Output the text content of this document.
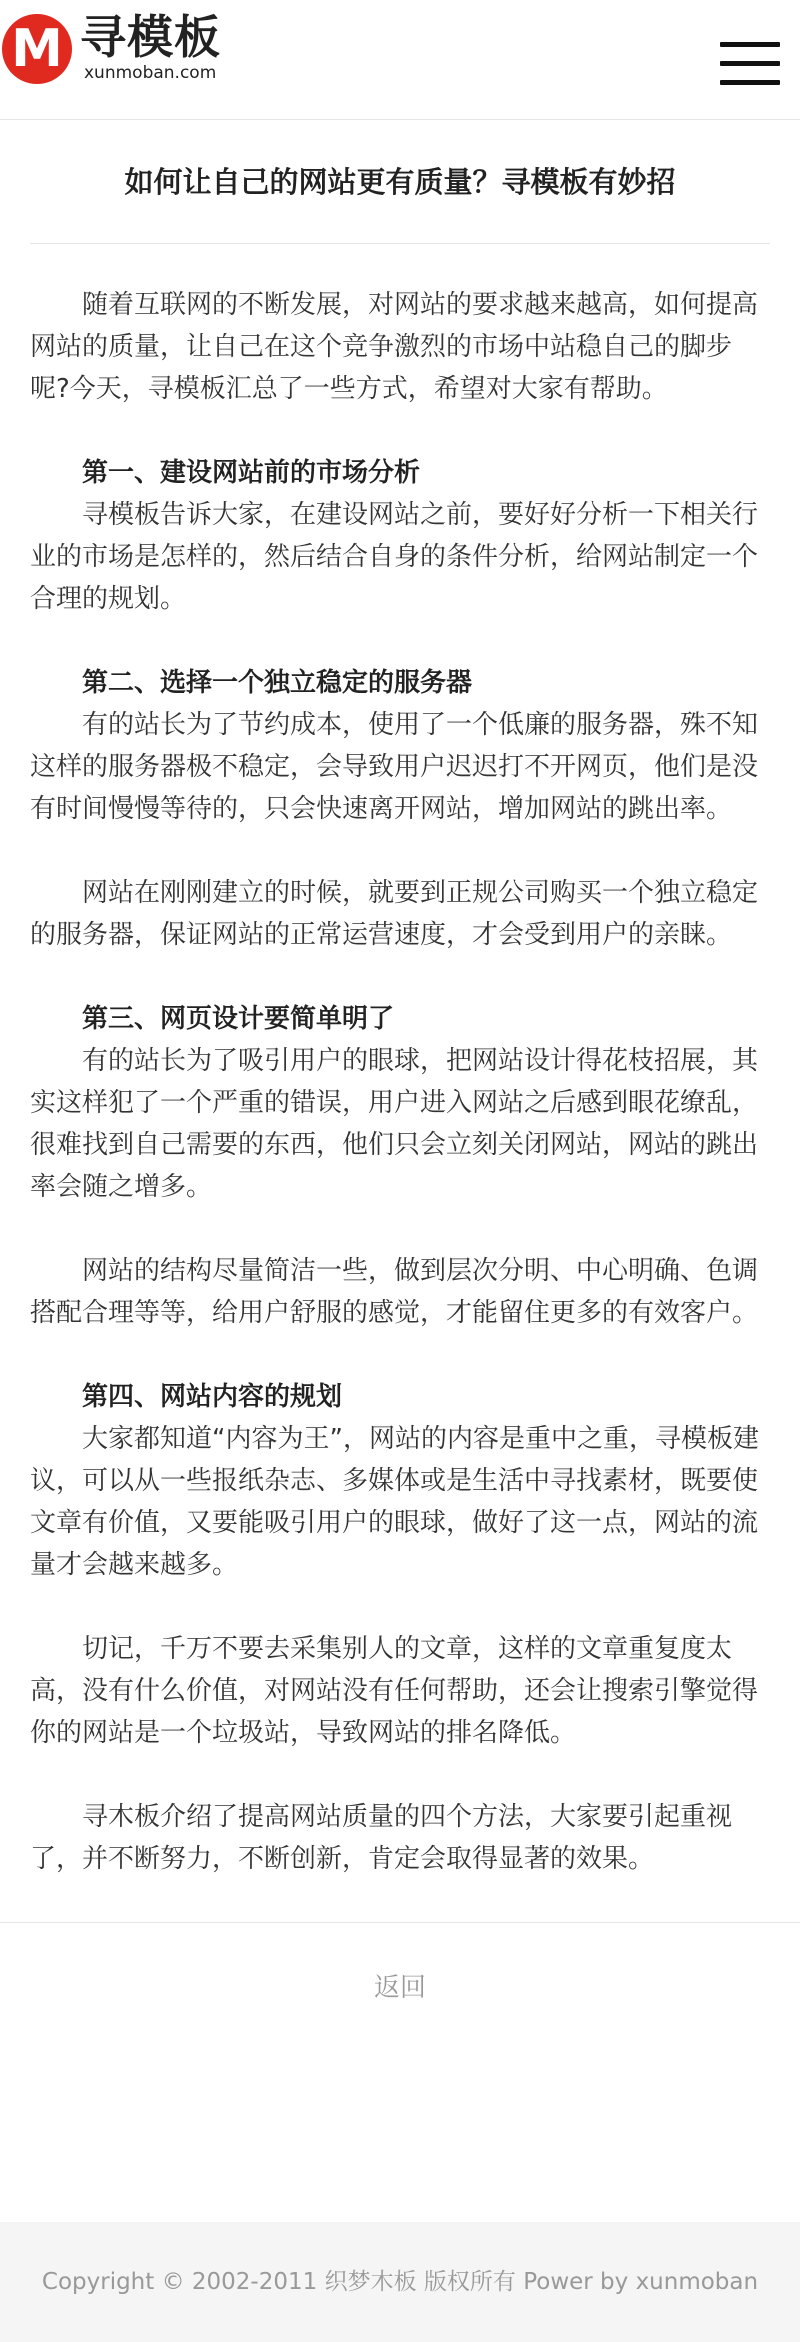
M 寻模板
xunmoban.com
如何让自己的网站更有质量？寻模板有妙招

随着互联网的不断发展，对网站的要求越来越高，如何提高网站的质量，让自己在这个竞争激烈的市场中站稳自己的脚步呢?今天，寻模板汇总了一些方式，希望对大家有帮助。

第一、建设网站前的市场分析

寻模板告诉大家，在建设网站之前，要好好分析一下相关行业的市场是怎样的，然后结合自身的条件分析，给网站制定一个合理的规划。

第二、选择一个独立稳定的服务器

有的站长为了节约成本，使用了一个低廉的服务器，殊不知这样的服务器极不稳定，会导致用户迟迟打不开网页，他们是没有时间慢慢等待的，只会快速离开网站，增加网站的跳出率。

网站在刚刚建立的时候，就要到正规公司购买一个独立稳定的服务器，保证网站的正常运营速度，才会受到用户的亲睐。

第三、网页设计要简单明了

有的站长为了吸引用户的眼球，把网站设计得花枝招展，其实这样犯了一个严重的错误，用户进入网站之后感到眼花缭乱，很难找到自己需要的东西，他们只会立刻关闭网站，网站的跳出率会随之增多。

网站的结构尽量简洁一些，做到层次分明、中心明确、色调搭配合理等等，给用户舒服的感觉，才能留住更多的有效客户。

第四、网站内容的规划

大家都知道“内容为王”，网站的内容是重中之重，寻模板建议，可以从一些报纸杂志、多媒体或是生活中寻找素材，既要使文章有价值，又要能吸引用户的眼球，做好了这一点，网站的流量才会越来越多。

切记，千万不要去采集别人的文章，这样的文章重复度太高，没有什么价值，对网站没有任何帮助，还会让搜索引擎觉得你的网站是一个垃圾站，导致网站的排名降低。

寻木板介绍了提高网站质量的四个方法，大家要引起重视了，并不断努力，不断创新，肯定会取得显著的效果。

返回
Copyright © 2002-2011 织梦木板 版权所有 Power by xunmoban
